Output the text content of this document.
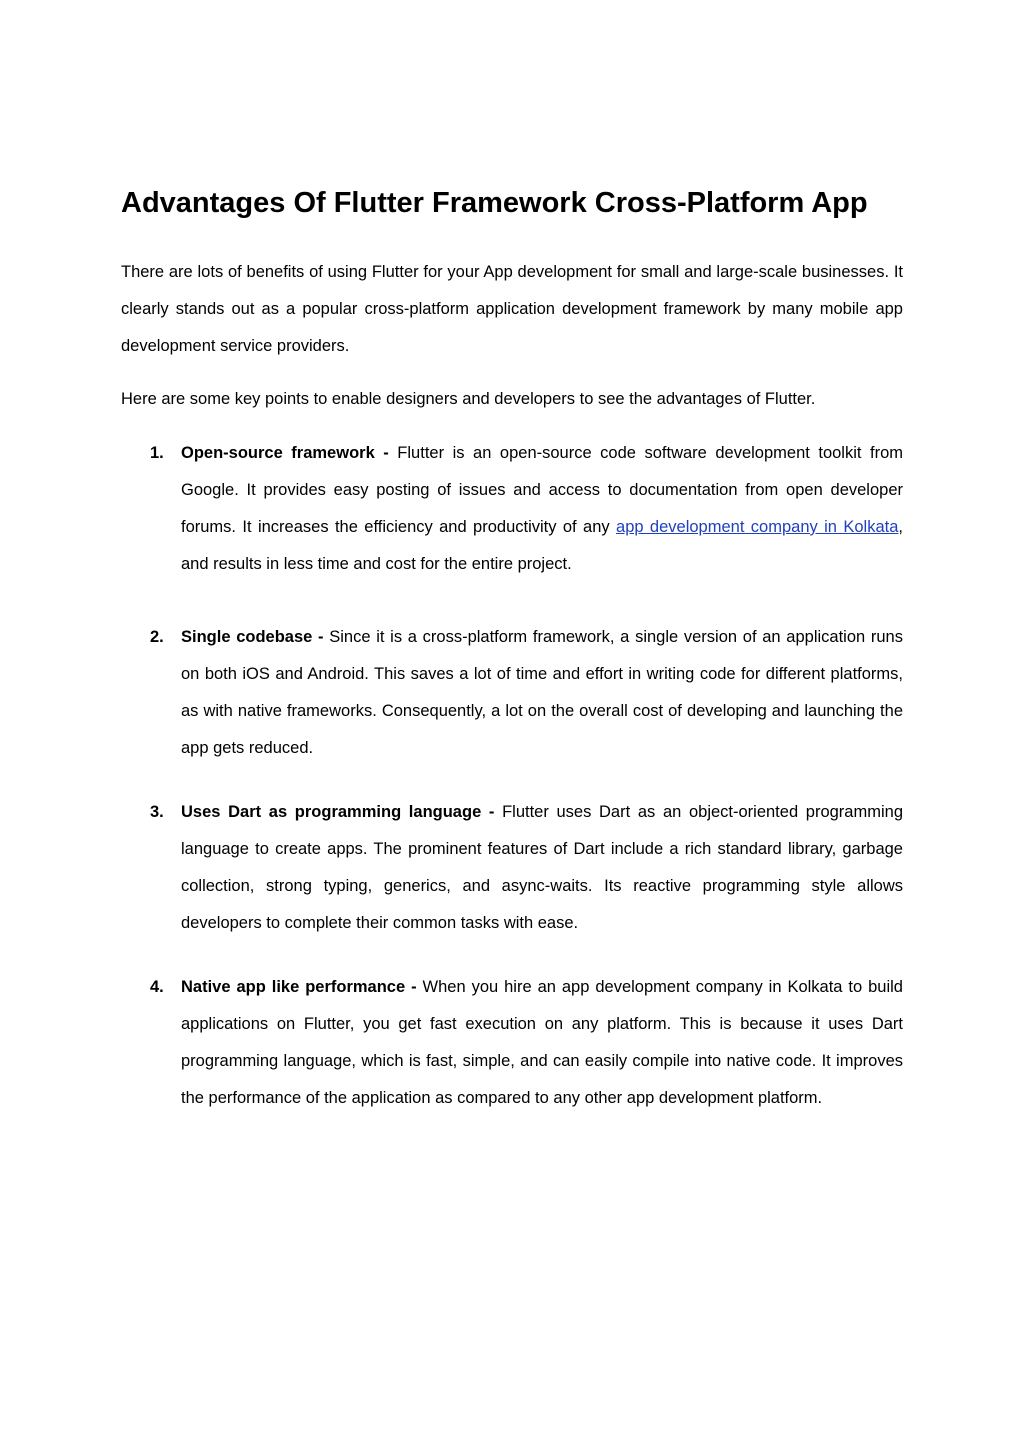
Advantages Of Flutter Framework Cross-Platform App

There are lots of benefits of using Flutter for your App development for small and large-scale businesses. It clearly stands out as a popular cross-platform application development framework by many mobile app development service providers.

Here are some key points to enable designers and developers to see the advantages of Flutter.

1. Open-source framework - Flutter is an open-source code software development toolkit from Google. It provides easy posting of issues and access to documentation from open developer forums. It increases the efficiency and productivity of any app development company in Kolkata, and results in less time and cost for the entire project.

2. Single codebase - Since it is a cross-platform framework, a single version of an application runs on both iOS and Android. This saves a lot of time and effort in writing code for different platforms, as with native frameworks. Consequently, a lot on the overall cost of developing and launching the app gets reduced.

3. Uses Dart as programming language - Flutter uses Dart as an object-oriented programming language to create apps. The prominent features of Dart include a rich standard library, garbage collection, strong typing, generics, and async-waits. Its reactive programming style allows developers to complete their common tasks with ease.

4. Native app like performance - When you hire an app development company in Kolkata to build applications on Flutter, you get fast execution on any platform. This is because it uses Dart programming language, which is fast, simple, and can easily compile into native code. It improves the performance of the application as compared to any other app development platform.
